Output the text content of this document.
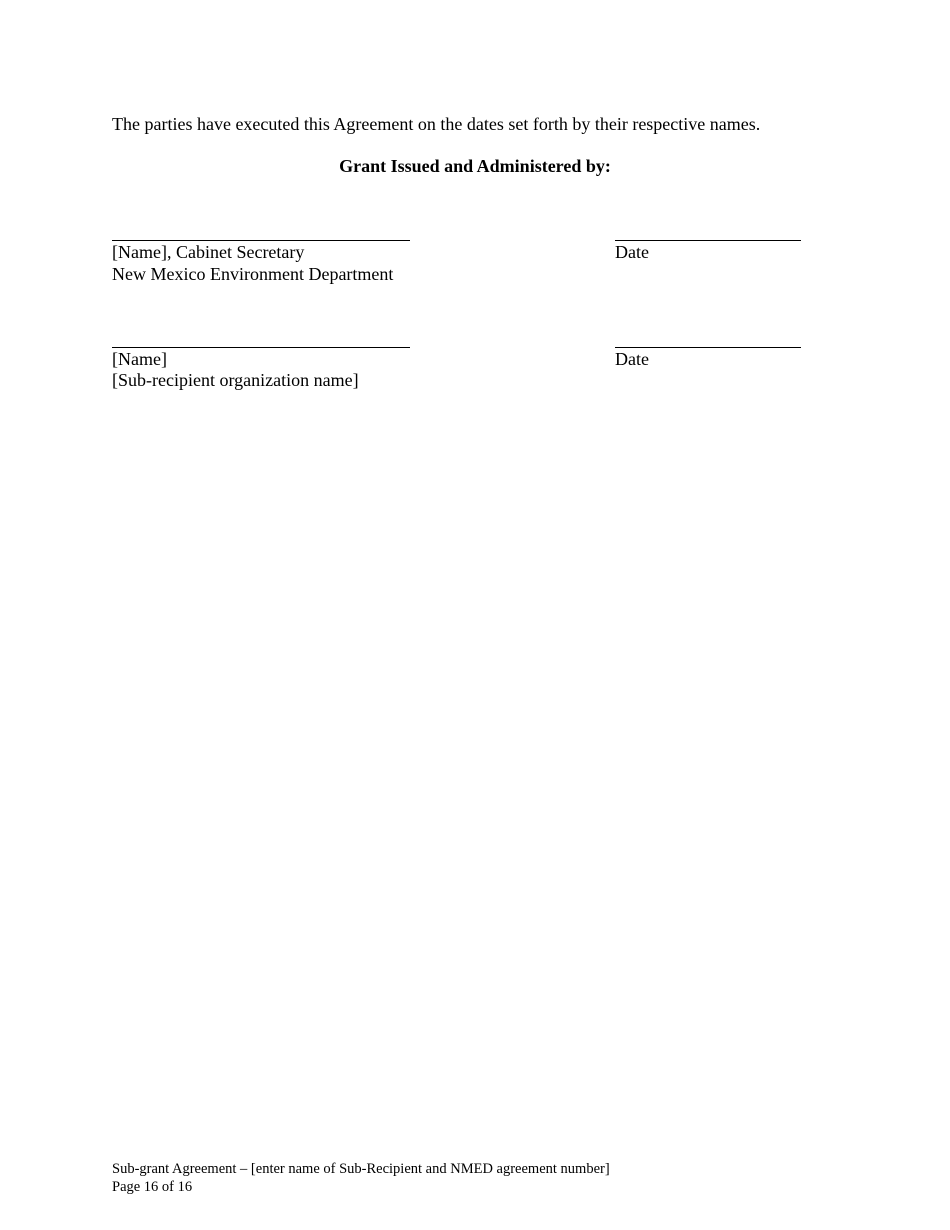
The parties have executed this Agreement on the dates set forth by their respective names.
Grant Issued and Administered by:
[Name], Cabinet Secretary	Date
New Mexico Environment Department
[Name]	Date
[Sub-recipient organization name]
Sub-grant Agreement – [enter name of Sub-Recipient and NMED agreement number]
Page 16 of 16
